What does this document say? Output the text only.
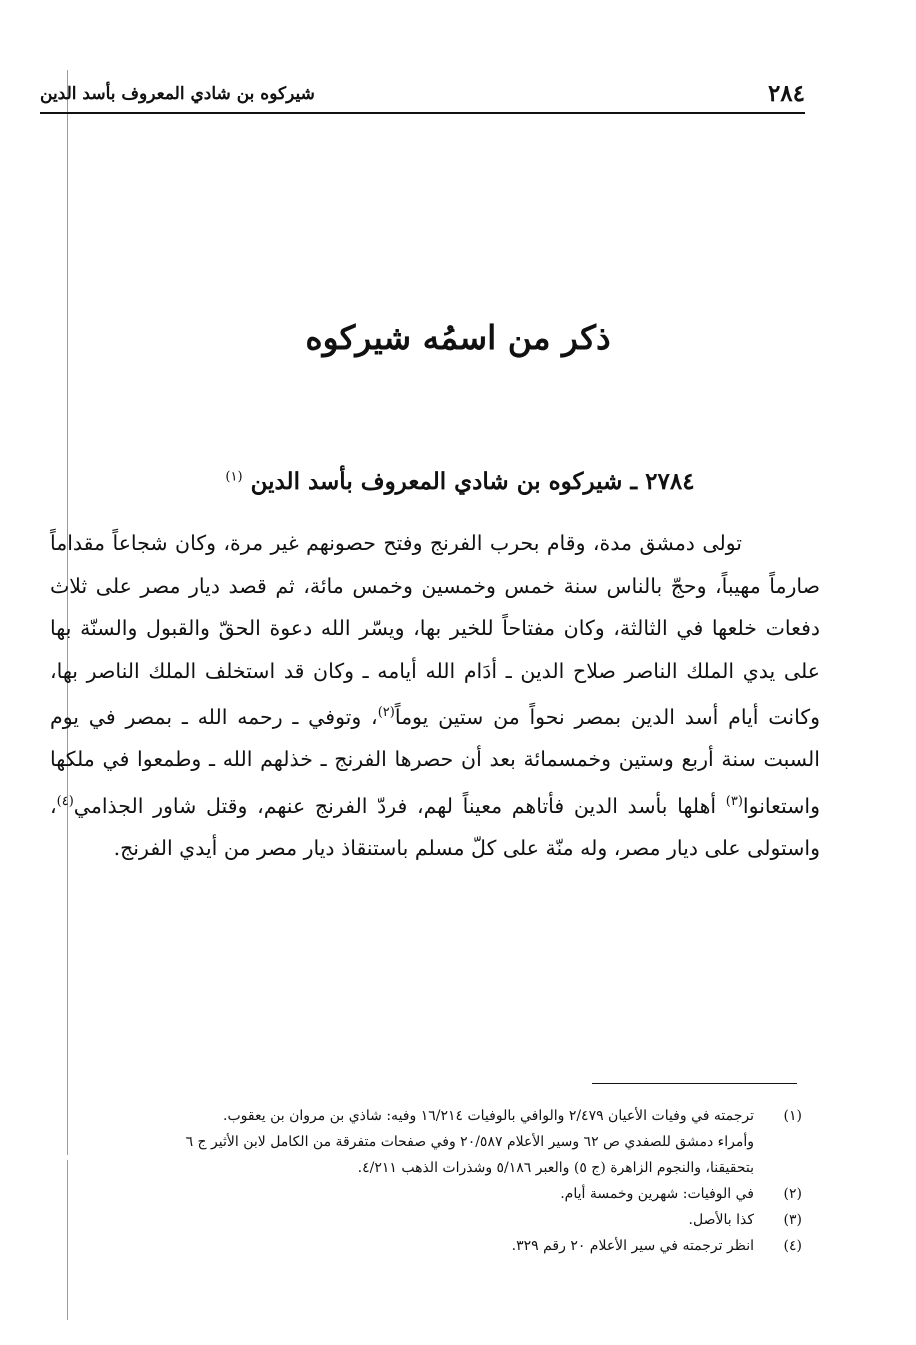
٢٨٤
شيركوه بن شادي المعروف بأسد الدين
ذكر من اسمُه شيركوه
٢٧٨٤ ـ شيركوه بن شادي المعروف بأسد الدين $^{(١)}$

تولى دمشق مدة، وقام بحرب الفرنج وفتح حصونهم غير مرة، وكان شجاعاً مقداماً صارماً مهيباً، وحجّ بالناس سنة خمس وخمسين وخمس مائة، ثم قصد ديار مصر على ثلاث دفعات خلعها في الثالثة، وكان مفتاحاً للخير بها، ويسّر الله دعوة الحقّ والقبول والسنّة بها على يدي الملك الناصر صلاح الدين ـ أدَام الله أيامه ـ وكان قد استخلف الملك الناصر بها، وكانت أيام أسد الدين بمصر نحواً من ستين يوماً$^{(٢)}$، وتوفي ـ رحمه الله ـ بمصر في يوم السبت سنة أربع وستين وخمسمائة بعد أن حصرها الفرنج ـ خذلهم الله ـ وطمعوا في ملكها واستعانوا$^{(٣)}$ أهلها بأسد الدين فأتاهم معيناً لهم، فردّ الفرنج عنهم، وقتل شاور الجذامي$^{(٤)}$، واستولى على ديار مصر، وله منّة على كلّ مسلم باستنقاذ ديار مصر من أيدي الفرنج.

(١)
ترجمته في وفيات الأعيان ٢/٤٧٩ والوافي بالوفيات ١٦/٢١٤ وفيه: شاذي بن مروان بن يعقوب.
وأمراء دمشق للصفدي ص ٦٢ وسير الأعلام ٢٠/٥٨٧ وفي صفحات متفرقة من الكامل لابن الأثير ج ٦
بتحقيقنا، والنجوم الزاهرة (ج ٥) والعبر ٥/١٨٦ وشذرات الذهب ٤/٢١١.
(٢)
في الوفيات: شهرين وخمسة أيام.
(٣)
كذا بالأصل.
(٤)
انظر ترجمته في سير الأعلام ٢٠ رقم ٣٢٩.
